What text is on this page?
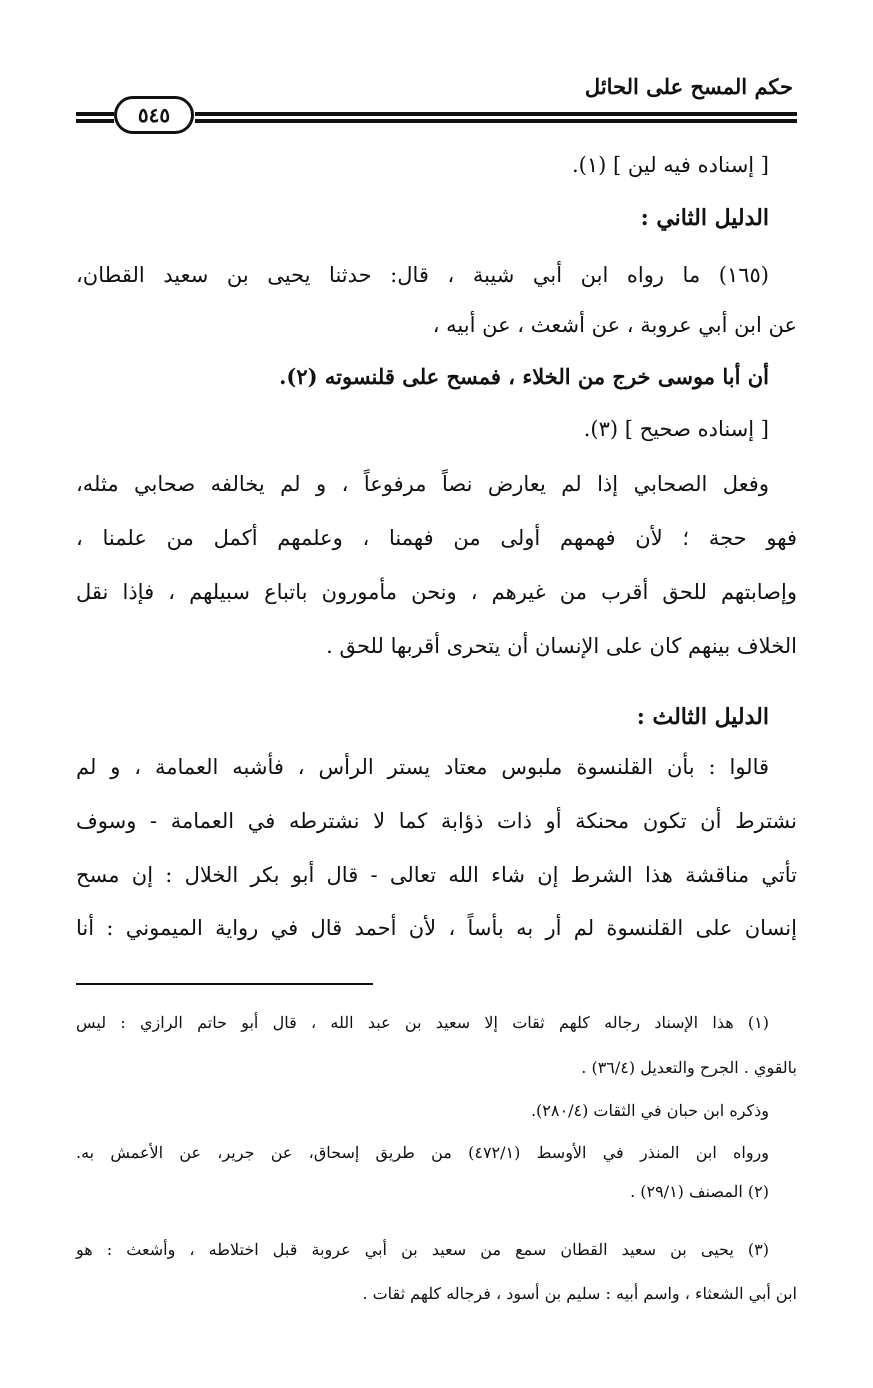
حكم المسح على الحائل
٥٤٥
[ إسناده فيه لين ] (١).
الدليل الثاني :
(١٦٥) ما رواه ابن أبي شيبة ، قال: حدثنا يحيى بن سعيد القطان،
عن ابن أبي عروبة ، عن أشعث ، عن أبيه ،
أن أبا موسى خرج من الخلاء ، فمسح على قلنسوته (٢).
[ إسناده صحيح ] (٣).
وفعل الصحابي إذا لم يعارض نصاً مرفوعاً ، و لم يخالفه صحابي مثله،
فهو حجة ؛ لأن فهمهم أولى من فهمنا ، وعلمهم أكمل من علمنا ،
وإصابتهم للحق أقرب من غيرهم ، ونحن مأمورون باتباع سبيلهم ، فإذا نقل
الخلاف بينهم كان على الإنسان أن يتحرى أقربها للحق .
الدليل الثالث :
قالوا : بأن القلنسوة ملبوس معتاد يستر الرأس ، فأشبه العمامة ، و لم
نشترط أن تكون محنكة أو ذات ذؤابة كما لا نشترطه في العمامة - وسوف
تأتي مناقشة هذا الشرط إن شاء الله تعالى - قال أبو بكر الخلال : إن مسح
إنسان على القلنسوة لم أر به بأساً ، لأن أحمد قال في رواية الميموني : أنا
(١) هذا الإسناد رجاله كلهم ثقات إلا سعيد بن عبد الله ، قال أبو حاتم الرازي : ليس
بالقوي . الجرح والتعديل (٣٦/٤) .
وذكره ابن حبان في الثقات (٢٨٠/٤).
ورواه ابن المنذر في الأوسط (٤٧٢/١) من طريق إسحاق، عن جرير، عن الأعمش به.
(٢) المصنف (٢٩/١) .
(٣) يحيى بن سعيد القطان سمع من سعيد بن أبي عروبة قبل اختلاطه ، وأشعث : هو
ابن أبي الشعثاء ، واسم أبيه : سليم بن أسود ، فرجاله كلهم ثقات .
